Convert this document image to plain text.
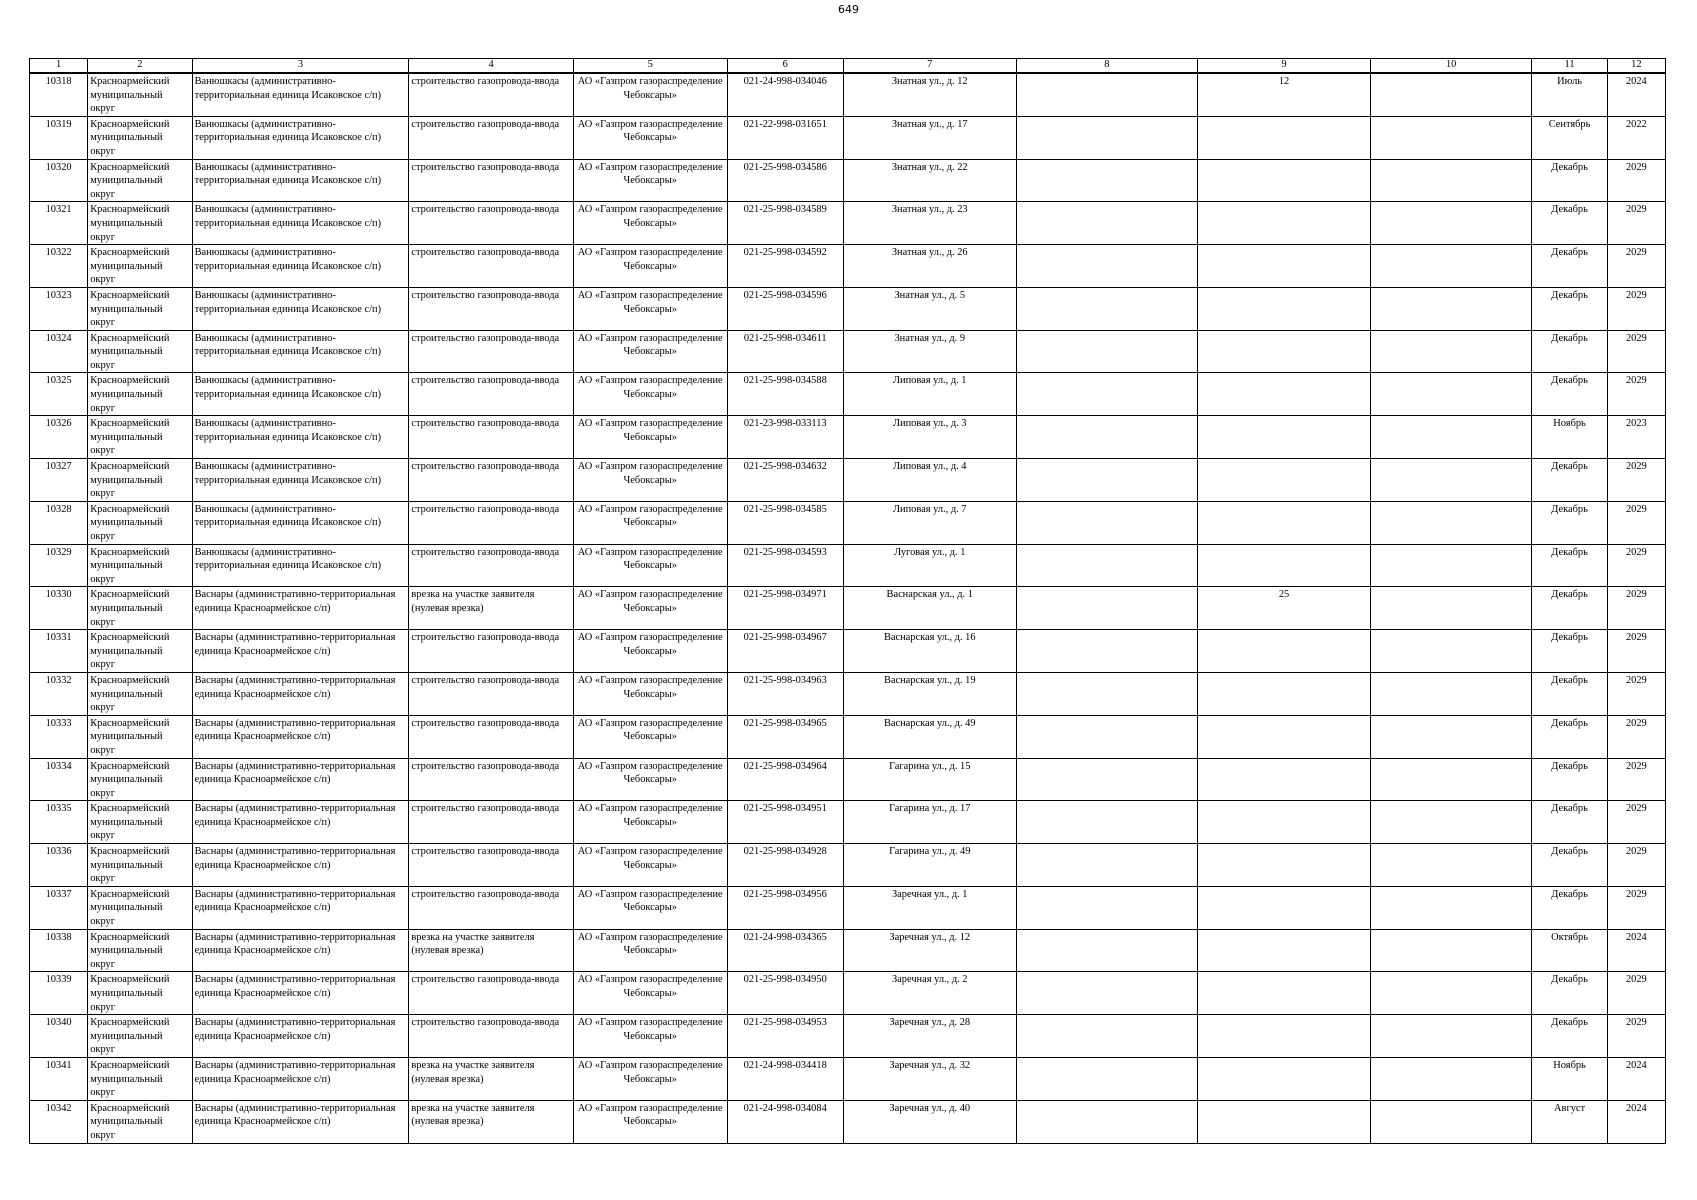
649
1	2	3	4	5	6	7	8	9	10	11	12
10318	Красноармейский муниципальный округ	Ванюшкасы (административно-территориальная единица Исаковское с/п)	строительство газопровода-ввода	АО «Газпром газораспределение Чебоксары»	021-24-998-034046	Знатная ул., д. 12		12		Июль	2024
10319	Красноармейский муниципальный округ	Ванюшкасы (административно-территориальная единица Исаковское с/п)	строительство газопровода-ввода	АО «Газпром газораспределение Чебоксары»	021-22-998-031651	Знатная ул., д. 17				Сентябрь	2022
10320	Красноармейский муниципальный округ	Ванюшкасы (административно-территориальная единица Исаковское с/п)	строительство газопровода-ввода	АО «Газпром газораспределение Чебоксары»	021-25-998-034586	Знатная ул., д. 22				Декабрь	2029
10321	Красноармейский муниципальный округ	Ванюшкасы (административно-территориальная единица Исаковское с/п)	строительство газопровода-ввода	АО «Газпром газораспределение Чебоксары»	021-25-998-034589	Знатная ул., д. 23				Декабрь	2029
10322	Красноармейский муниципальный округ	Ванюшкасы (административно-территориальная единица Исаковское с/п)	строительство газопровода-ввода	АО «Газпром газораспределение Чебоксары»	021-25-998-034592	Знатная ул., д. 26				Декабрь	2029
10323	Красноармейский муниципальный округ	Ванюшкасы (административно-территориальная единица Исаковское с/п)	строительство газопровода-ввода	АО «Газпром газораспределение Чебоксары»	021-25-998-034596	Знатная ул., д. 5				Декабрь	2029
10324	Красноармейский муниципальный округ	Ванюшкасы (административно-территориальная единица Исаковское с/п)	строительство газопровода-ввода	АО «Газпром газораспределение Чебоксары»	021-25-998-034611	Знатная ул., д. 9				Декабрь	2029
10325	Красноармейский муниципальный округ	Ванюшкасы (административно-территориальная единица Исаковское с/п)	строительство газопровода-ввода	АО «Газпром газораспределение Чебоксары»	021-25-998-034588	Липовая ул., д. 1				Декабрь	2029
10326	Красноармейский муниципальный округ	Ванюшкасы (административно-территориальная единица Исаковское с/п)	строительство газопровода-ввода	АО «Газпром газораспределение Чебоксары»	021-23-998-033113	Липовая ул., д. 3				Ноябрь	2023
10327	Красноармейский муниципальный округ	Ванюшкасы (административно-территориальная единица Исаковское с/п)	строительство газопровода-ввода	АО «Газпром газораспределение Чебоксары»	021-25-998-034632	Липовая ул., д. 4				Декабрь	2029
10328	Красноармейский муниципальный округ	Ванюшкасы (административно-территориальная единица Исаковское с/п)	строительство газопровода-ввода	АО «Газпром газораспределение Чебоксары»	021-25-998-034585	Липовая ул., д. 7				Декабрь	2029
10329	Красноармейский муниципальный округ	Ванюшкасы (административно-территориальная единица Исаковское с/п)	строительство газопровода-ввода	АО «Газпром газораспределение Чебоксары»	021-25-998-034593	Луговая ул., д. 1				Декабрь	2029
10330	Красноармейский муниципальный округ	Васнары (административно-территориальная единица Красноармейское с/п)	врезка на участке заявителя (нулевая врезка)	АО «Газпром газораспределение Чебоксары»	021-25-998-034971	Васнарская ул., д. 1		25		Декабрь	2029
10331	Красноармейский муниципальный округ	Васнары (административно-территориальная единица Красноармейское с/п)	строительство газопровода-ввода	АО «Газпром газораспределение Чебоксары»	021-25-998-034967	Васнарская ул., д. 16				Декабрь	2029
10332	Красноармейский муниципальный округ	Васнары (административно-территориальная единица Красноармейское с/п)	строительство газопровода-ввода	АО «Газпром газораспределение Чебоксары»	021-25-998-034963	Васнарская ул., д. 19				Декабрь	2029
10333	Красноармейский муниципальный округ	Васнары (административно-территориальная единица Красноармейское с/п)	строительство газопровода-ввода	АО «Газпром газораспределение Чебоксары»	021-25-998-034965	Васнарская ул., д. 49				Декабрь	2029
10334	Красноармейский муниципальный округ	Васнары (административно-территориальная единица Красноармейское с/п)	строительство газопровода-ввода	АО «Газпром газораспределение Чебоксары»	021-25-998-034964	Гагарина ул., д. 15				Декабрь	2029
10335	Красноармейский муниципальный округ	Васнары (административно-территориальная единица Красноармейское с/п)	строительство газопровода-ввода	АО «Газпром газораспределение Чебоксары»	021-25-998-034951	Гагарина ул., д. 17				Декабрь	2029
10336	Красноармейский муниципальный округ	Васнары (административно-территориальная единица Красноармейское с/п)	строительство газопровода-ввода	АО «Газпром газораспределение Чебоксары»	021-25-998-034928	Гагарина ул., д. 49				Декабрь	2029
10337	Красноармейский муниципальный округ	Васнары (административно-территориальная единица Красноармейское с/п)	строительство газопровода-ввода	АО «Газпром газораспределение Чебоксары»	021-25-998-034956	Заречная ул., д. 1				Декабрь	2029
10338	Красноармейский муниципальный округ	Васнары (административно-территориальная единица Красноармейское с/п)	врезка на участке заявителя (нулевая врезка)	АО «Газпром газораспределение Чебоксары»	021-24-998-034365	Заречная ул., д. 12				Октябрь	2024
10339	Красноармейский муниципальный округ	Васнары (административно-территориальная единица Красноармейское с/п)	строительство газопровода-ввода	АО «Газпром газораспределение Чебоксары»	021-25-998-034950	Заречная ул., д. 2				Декабрь	2029
10340	Красноармейский муниципальный округ	Васнары (административно-территориальная единица Красноармейское с/п)	строительство газопровода-ввода	АО «Газпром газораспределение Чебоксары»	021-25-998-034953	Заречная ул., д. 28				Декабрь	2029
10341	Красноармейский муниципальный округ	Васнары (административно-территориальная единица Красноармейское с/п)	врезка на участке заявителя (нулевая врезка)	АО «Газпром газораспределение Чебоксары»	021-24-998-034418	Заречная ул., д. 32				Ноябрь	2024
10342	Красноармейский муниципальный округ	Васнары (административно-территориальная единица Красноармейское с/п)	врезка на участке заявителя (нулевая врезка)	АО «Газпром газораспределение Чебоксары»	021-24-998-034084	Заречная ул., д. 40				Август	2024
